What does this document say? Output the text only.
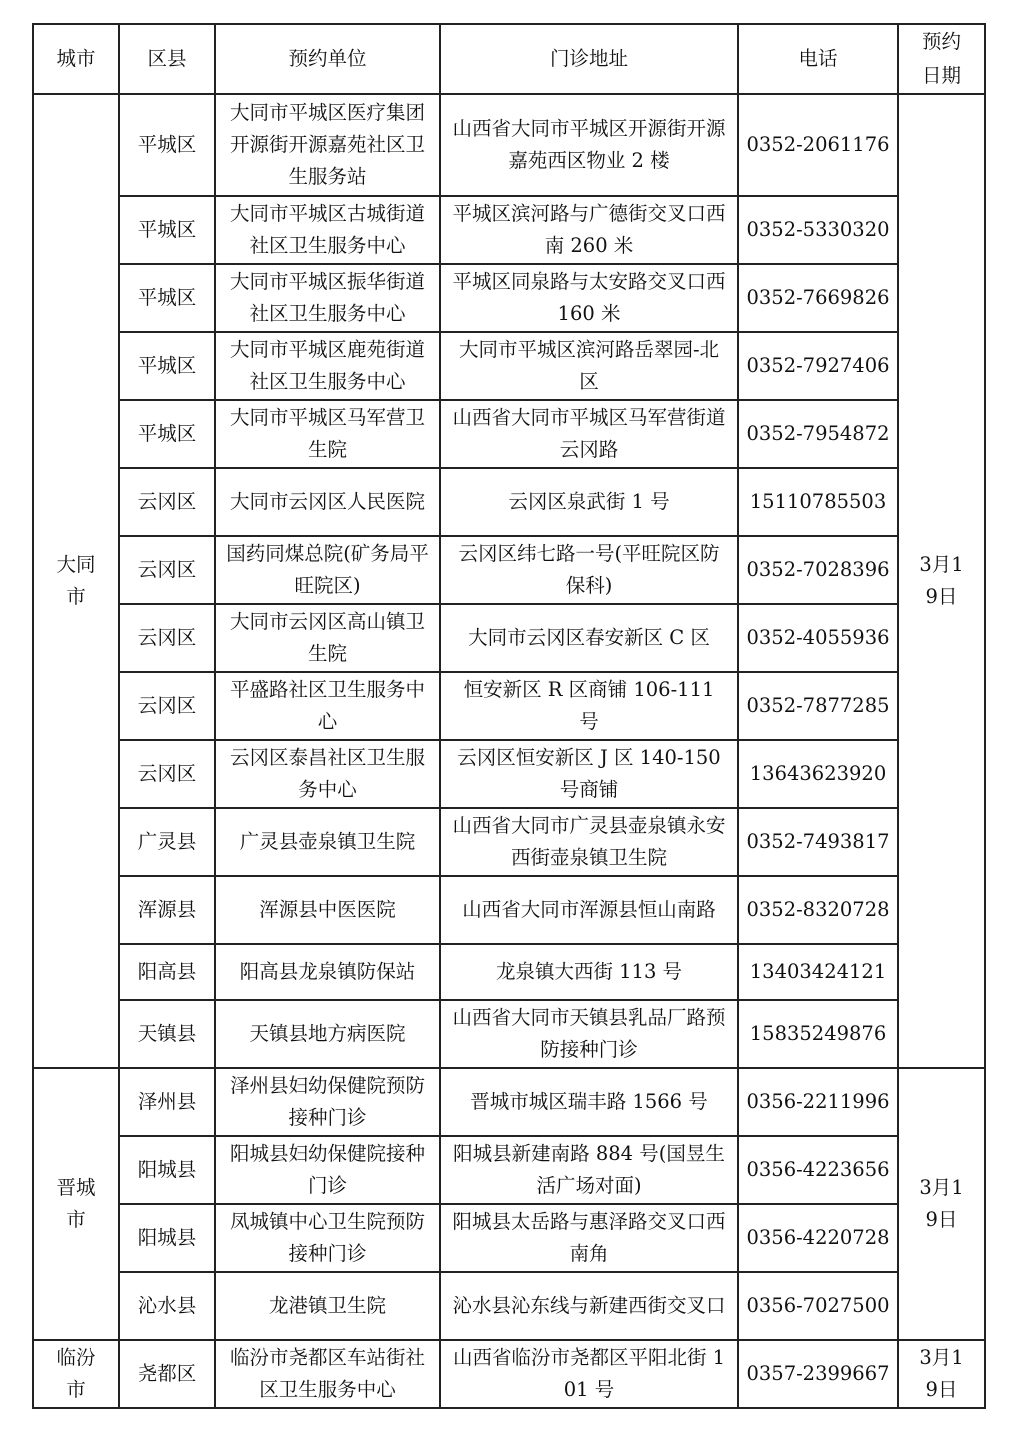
城市	区县	预约单位	门诊地址	电话	预约日期
大同市	平城区	大同市平城区医疗集团开源街开源嘉苑社区卫生服务站	山西省大同市平城区开源街开源嘉苑西区物业 2 楼	0352-2061176	3月19日
	平城区	大同市平城区古城街道社区卫生服务中心	平城区滨河路与广德街交叉口西南 260 米	0352-5330320	
	平城区	大同市平城区振华街道社区卫生服务中心	平城区同泉路与太安路交叉口西 160 米	0352-7669826	
	平城区	大同市平城区鹿苑街道社区卫生服务中心	大同市平城区滨河路岳翠园-北区	0352-7927406	
	平城区	大同市平城区马军营卫生院	山西省大同市平城区马军营街道云冈路	0352-7954872	
	云冈区	大同市云冈区人民医院	云冈区泉武街 1 号	15110785503	
	云冈区	国药同煤总院(矿务局平旺院区)	云冈区纬七路一号(平旺院区防保科)	0352-7028396	
	云冈区	大同市云冈区高山镇卫生院	大同市云冈区春安新区 C 区	0352-4055936	
	云冈区	平盛路社区卫生服务中心	恒安新区 R 区商铺 106-111 号	0352-7877285	
	云冈区	云冈区泰昌社区卫生服务中心	云冈区恒安新区 J 区 140-150 号商铺	13643623920	
	广灵县	广灵县壶泉镇卫生院	山西省大同市广灵县壶泉镇永安西街壶泉镇卫生院	0352-7493817	
	浑源县	浑源县中医医院	山西省大同市浑源县恒山南路	0352-8320728	
	阳高县	阳高县龙泉镇防保站	龙泉镇大西街 113 号	13403424121	
	天镇县	天镇县地方病医院	山西省大同市天镇县乳品厂路预防接种门诊	15835249876	
晋城市	泽州县	泽州县妇幼保健院预防接种门诊	晋城市城区瑞丰路 1566 号	0356-2211996	3月19日
	阳城县	阳城县妇幼保健院接种门诊	阳城县新建南路 884 号(国昱生活广场对面)	0356-4223656	
	阳城县	凤城镇中心卫生院预防接种门诊	阳城县太岳路与惠泽路交叉口西南角	0356-4220728	
	沁水县	龙港镇卫生院	沁水县沁东线与新建西街交叉口	0356-7027500	
临汾市	尧都区	临汾市尧都区车站街社区卫生服务中心	山西省临汾市尧都区平阳北街 101 号	0357-2399667	3月19日
